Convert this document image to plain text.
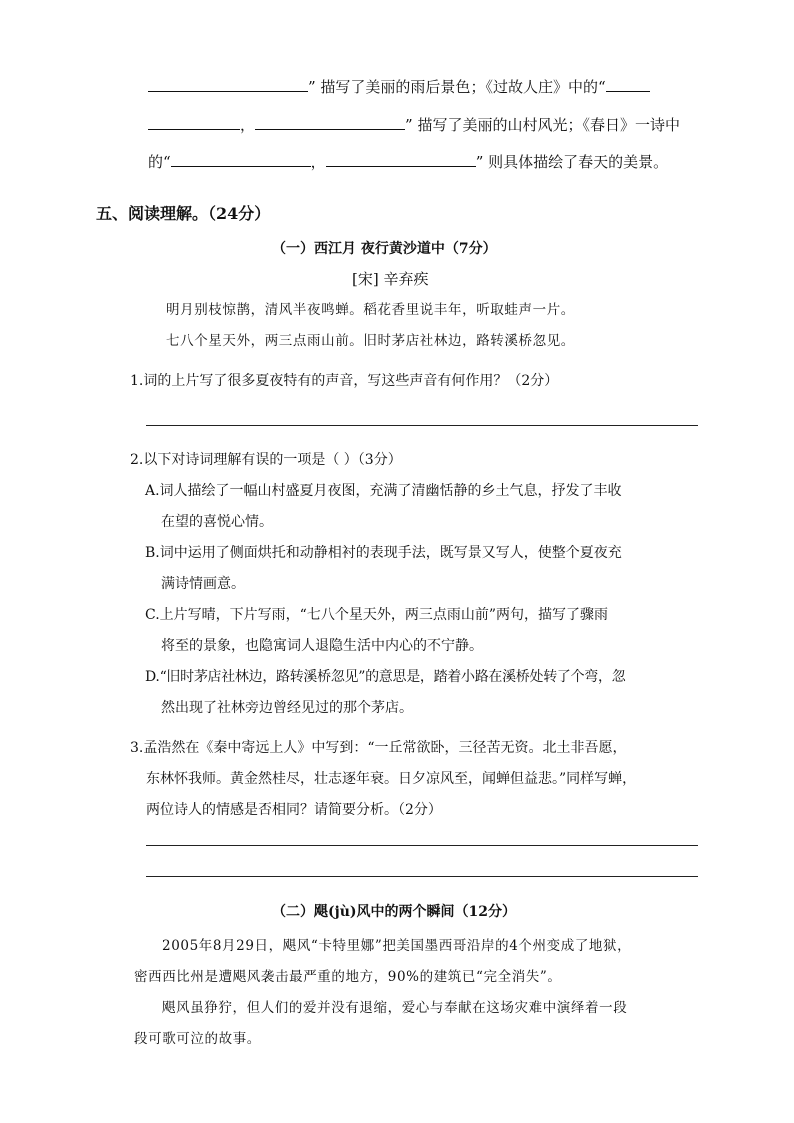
” 描写了美丽的雨后景色；《过故人庄》中的“
，	” 描写了美丽的山村风光；《春日》一诗中
的“	，	” 则具体描绘了春天的美景。
五、阅读理解。（24分）
（一）西江月 夜行黄沙道中（7分）
[宋] 辛弃疾
明月别枝惊鹊，清风半夜鸣蝉。稻花香里说丰年，听取蛙声一片。
七八个星天外，两三点雨山前。旧时茅店社林边，路转溪桥忽见。
1.词的上片写了很多夏夜特有的声音，写这些声音有何作用？（2分）
2.以下对诗词理解有误的一项是（ ）（3分）
A.词人描绘了一幅山村盛夏月夜图，充满了清幽恬静的乡土气息，抒发了丰收
在望的喜悦心情。
B.词中运用了侧面烘托和动静相衬的表现手法，既写景又写人，使整个夏夜充
满诗情画意。
C.上片写晴，下片写雨，“七八个星天外，两三点雨山前”两句，描写了骤雨
将至的景象，也隐寓词人退隐生活中内心的不宁静。
D.“旧时茅店社林边，路转溪桥忽见”的意思是，踏着小路在溪桥处转了个弯，忽
然出现了社林旁边曾经见过的那个茅店。
3.孟浩然在《秦中寄远上人》中写到：“一丘常欲卧，三径苦无资。北土非吾愿，
东林怀我师。黄金然桂尽，壮志逐年衰。日夕凉风至，闻蝉但益悲。”同样写蝉，
两位诗人的情感是否相同？请简要分析。（2分）
（二）飓(jù)风中的两个瞬间（12分）
2005年8月29日，飓风“卡特里娜”把美国墨西哥沿岸的4个州变成了地狱，
密西西比州是遭飓风袭击最严重的地方，90%的建筑已“完全消失”。
飓风虽狰狞，但人们的爱并没有退缩，爱心与奉献在这场灾难中演绎着一段
段可歌可泣的故事。
